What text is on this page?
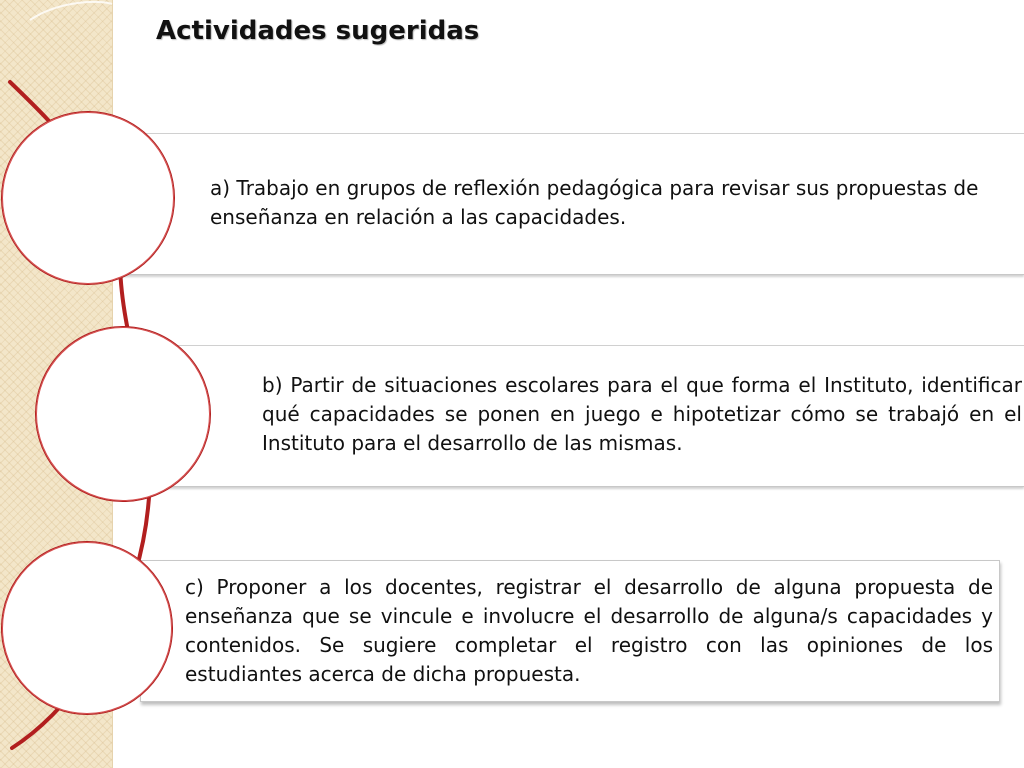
Actividades sugeridas
a) Trabajo en grupos de reflexión pedagógica para revisar sus propuestas de enseñanza en relación a las capacidades.
b) Partir de situaciones escolares para el que forma el Instituto, identificar qué capacidades se ponen en juego e hipotetizar cómo se trabajó en el Instituto para el desarrollo de las mismas.
c) Proponer a los docentes, registrar el desarrollo de alguna propuesta de enseñanza que se vincule e involucre el desarrollo de alguna/s capacidades y contenidos. Se sugiere completar el registro con las opiniones de los estudiantes acerca de dicha propuesta.
